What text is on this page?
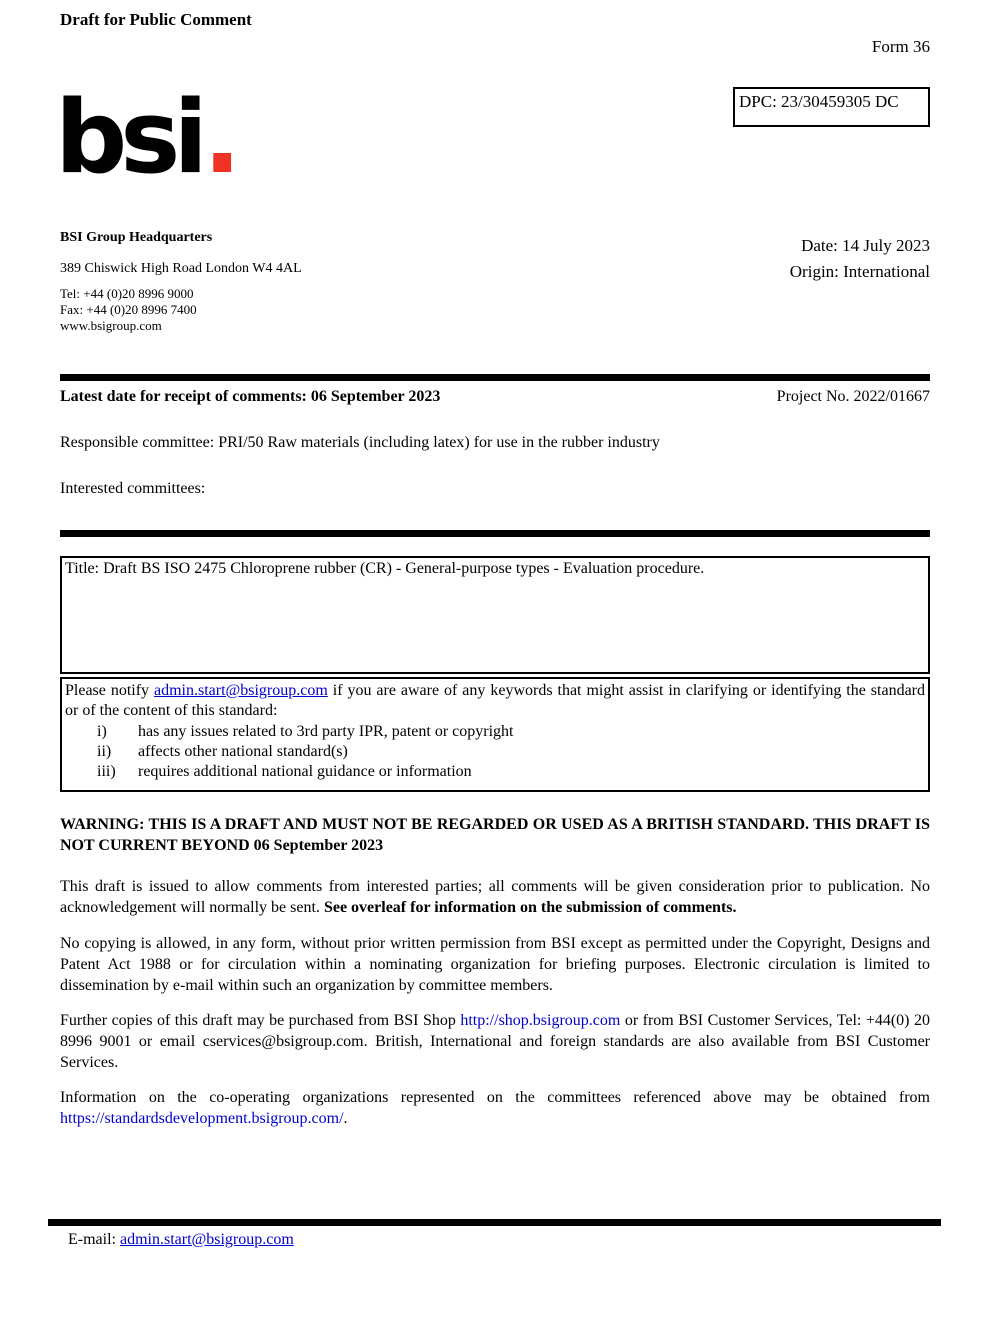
Draft for Public Comment
Form 36
DPC: 23/30459305 DC
bsi.
BSI Group Headquarters
389 Chiswick High Road London W4 4AL
Tel: +44 (0)20 8996 9000
Fax: +44 (0)20 8996 7400
www.bsigroup.com
Date: 14 July 2023
Origin: International
Latest date for receipt of comments: 06 September 2023	Project No. 2022/01667
Responsible committee: PRI/50 Raw materials (including latex) for use in the rubber industry
Interested committees:
Title: Draft BS ISO 2475 Chloroprene rubber (CR) - General-purpose types - Evaluation procedure.

Please notify admin.start@bsigroup.com if you are aware of any keywords that might assist in clarifying or identifying the standard or of the content of this standard:

i)	has any issues related to 3rd party IPR, patent or copyright
ii)	affects other national standard(s)
iii)	requires additional national guidance or information
WARNING: THIS IS A DRAFT AND MUST NOT BE REGARDED OR USED AS A BRITISH STANDARD. THIS DRAFT IS NOT CURRENT BEYOND 06 September 2023
This draft is issued to allow comments from interested parties; all comments will be given consideration prior to publication. No acknowledgement will normally be sent. See overleaf for information on the submission of comments.
No copying is allowed, in any form, without prior written permission from BSI except as permitted under the Copyright, Designs and Patent Act 1988 or for circulation within a nominating organization for briefing purposes. Electronic circulation is limited to dissemination by e-mail within such an organization by committee members.
Further copies of this draft may be purchased from BSI Shop http://shop.bsigroup.com or from BSI Customer Services, Tel: +44(0) 20 8996 9001 or email cservices@bsigroup.com. British, International and foreign standards are also available from BSI Customer Services.
Information on the co-operating organizations represented on the committees referenced above may be obtained from https://standardsdevelopment.bsigroup.com/.
E-mail: admin.start@bsigroup.com
